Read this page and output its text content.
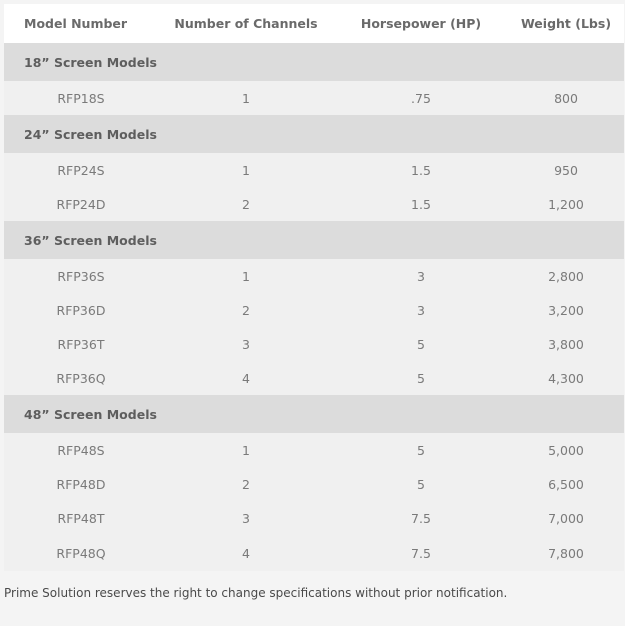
Model Number	Number of Channels	Horsepower (HP)	Weight (Lbs)
18” Screen Models			
RFP18S	1	.75	800
24” Screen Models			
RFP24S	1	1.5	950
RFP24D	2	1.5	1,200
36” Screen Models			
RFP36S	1	3	2,800
RFP36D	2	3	3,200
RFP36T	3	5	3,800
RFP36Q	4	5	4,300
48” Screen Models			
RFP48S	1	5	5,000
RFP48D	2	5	6,500
RFP48T	3	7.5	7,000
RFP48Q	4	7.5	7,800
Prime Solution reserves the right to change specifications without prior notification.
